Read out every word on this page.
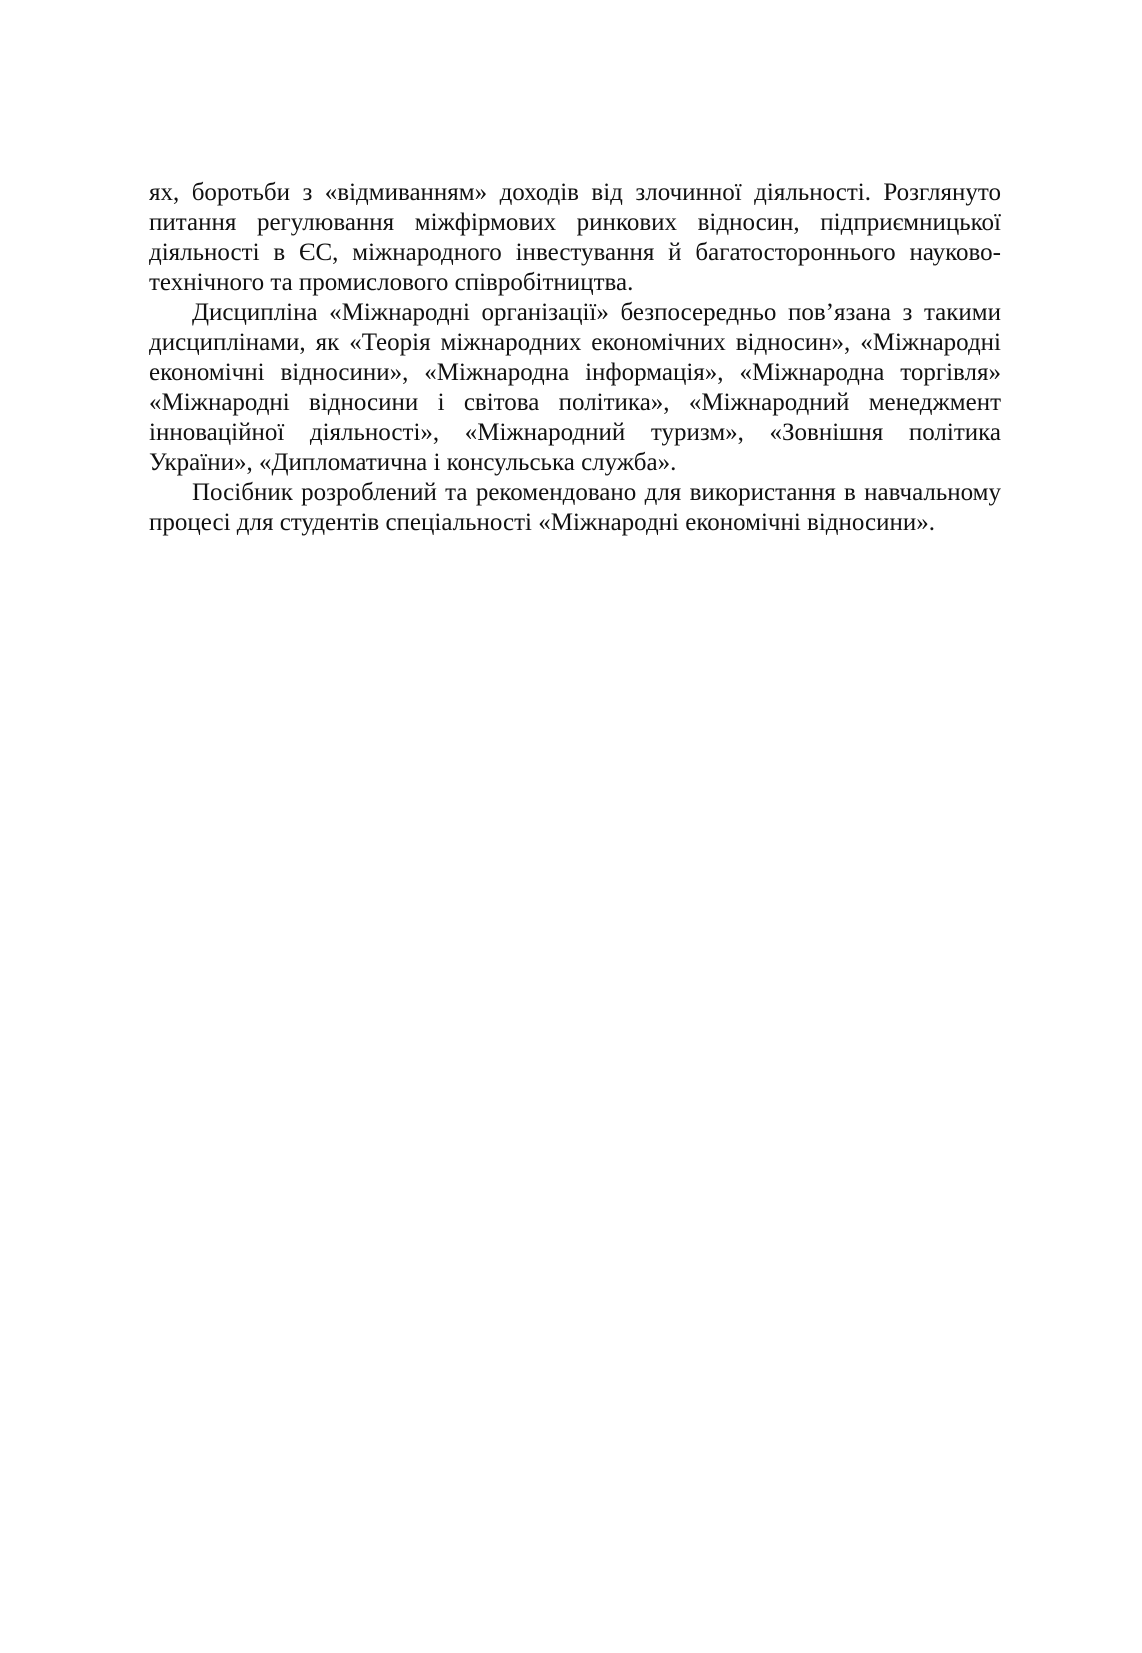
ях, боротьби з «відмиванням» доходів від злочинної діяльності. Розглянуто питання регулювання міжфірмових ринкових відносин, підприємницької діяльності в ЄС, міжнародного інвестування й багатостороннього науково-технічного та промислового співробітництва.

Дисципліна «Міжнародні організації» безпосередньо пов’язана з такими дисциплінами, як «Теорія міжнародних економічних відносин», «Міжнародні економічні відносини», «Міжнародна інформація», «Міжнародна торгівля» «Міжнародні відносини і світова політика», «Міжнародний менеджмент інноваційної діяльності», «Міжнародний туризм», «Зовнішня політика України», «Дипломатична і консульська служба».

Посібник розроблений та рекомендовано для використання в навчальному процесі для студентів спеціальності «Міжнародні економічні відносини».
